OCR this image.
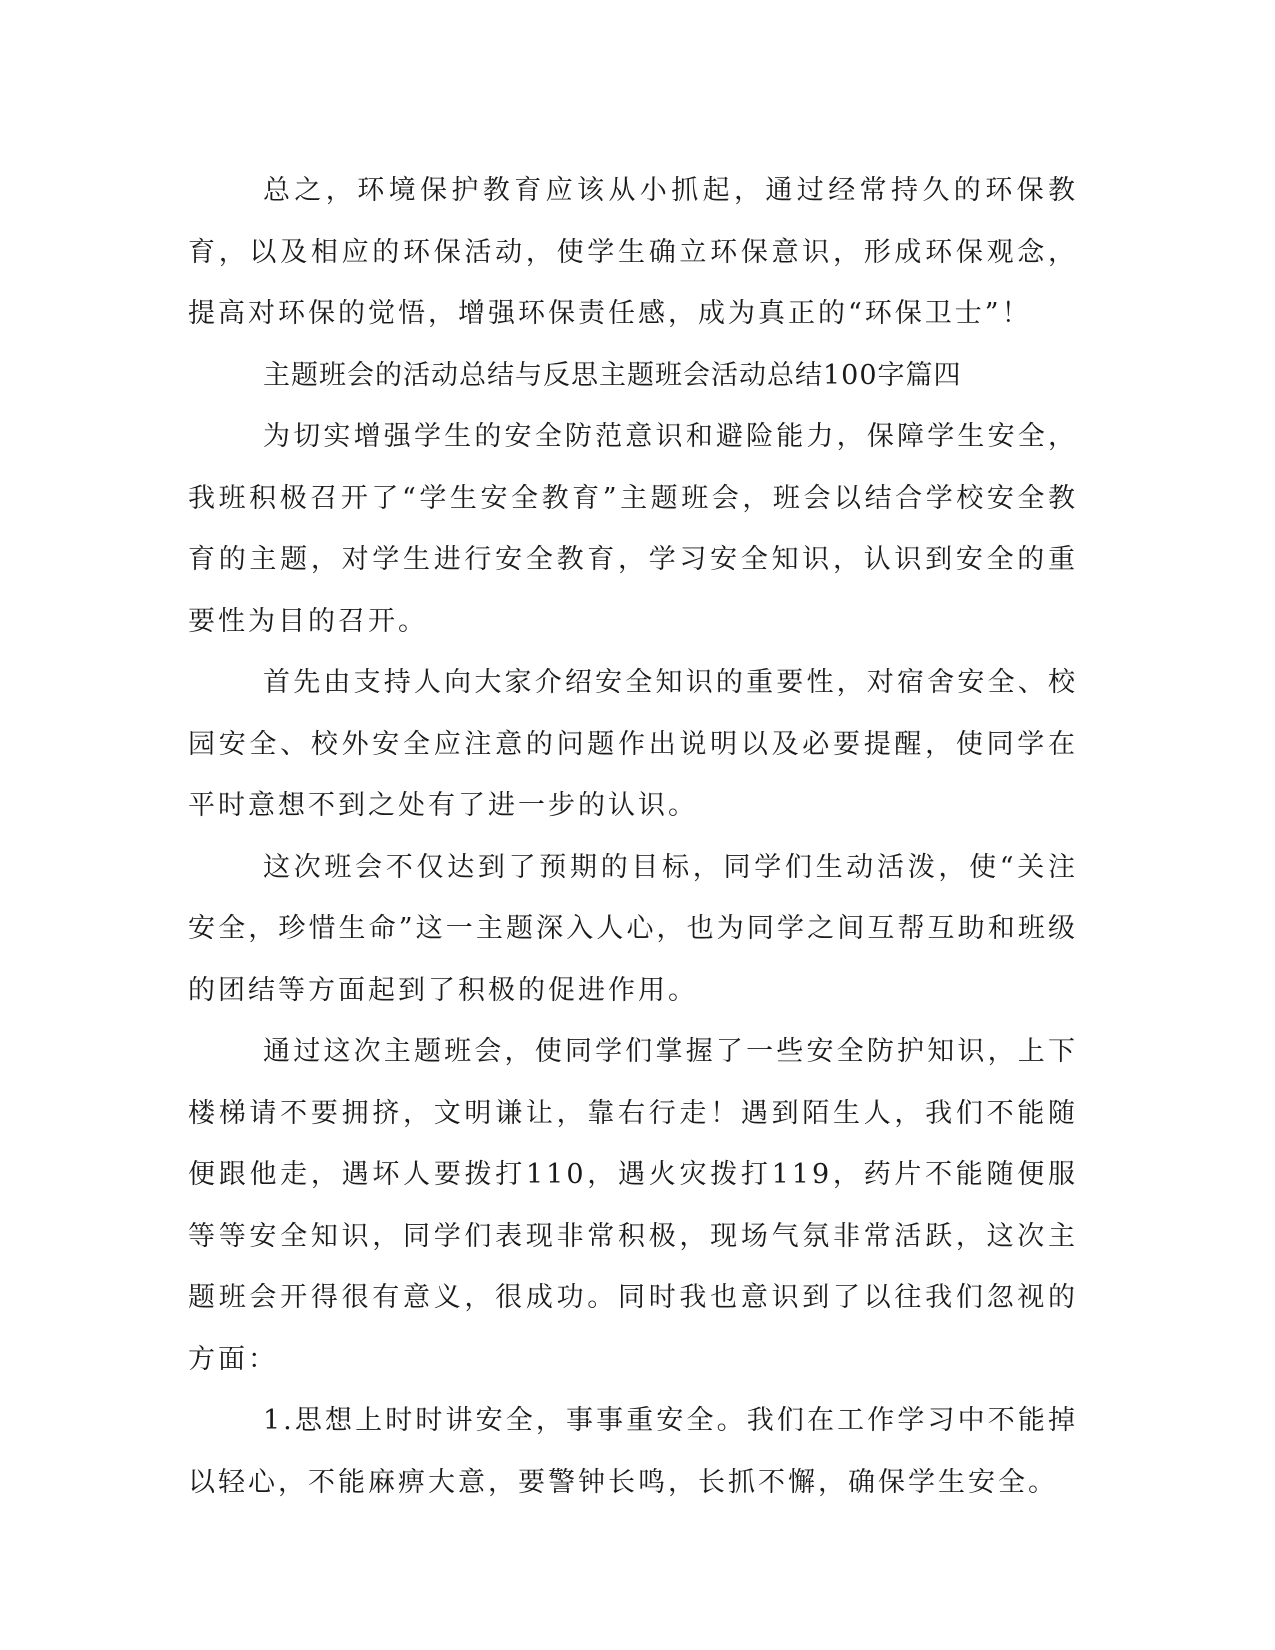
总之，环境保护教育应该从小抓起，通过经常持久的环保教育，以及相应的环保活动，使学生确立环保意识，形成环保观念，提高对环保的觉悟，增强环保责任感，成为真正的“环保卫士”！

主题班会的活动总结与反思主题班会活动总结100字篇四

为切实增强学生的安全防范意识和避险能力，保障学生安全，我班积极召开了“学生安全教育”主题班会，班会以结合学校安全教育的主题，对学生进行安全教育，学习安全知识，认识到安全的重要性为目的召开。

首先由支持人向大家介绍安全知识的重要性，对宿舍安全、校园安全、校外安全应注意的问题作出说明以及必要提醒，使同学在平时意想不到之处有了进一步的认识。

这次班会不仅达到了预期的目标，同学们生动活泼，使“关注安全，珍惜生命”这一主题深入人心，也为同学之间互帮互助和班级的团结等方面起到了积极的促进作用。

通过这次主题班会，使同学们掌握了一些安全防护知识，上下楼梯请不要拥挤，文明谦让，靠右行走！遇到陌生人，我们不能随便跟他走，遇坏人要拨打110，遇火灾拨打119，药片不能随便服等等安全知识，同学们表现非常积极，现场气氛非常活跃，这次主题班会开得很有意义，很成功。同时我也意识到了以往我们忽视的方面：

1.思想上时时讲安全，事事重安全。我们在工作学习中不能掉以轻心，不能麻痹大意，要警钟长鸣，长抓不懈，确保学生安全。
